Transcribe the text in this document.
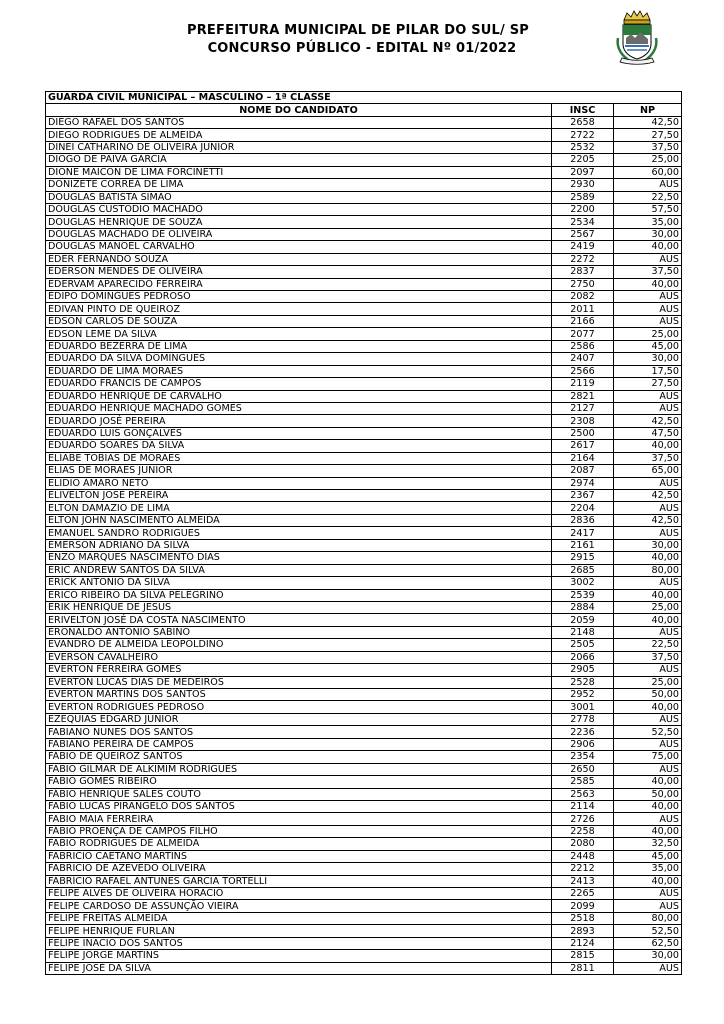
PREFEITURA MUNICIPAL DE PILAR DO SUL/ SP
CONCURSO PÚBLICO - EDITAL Nº 01/2022
GUARDA CIVIL MUNICIPAL – MASCULINO – 1ª CLASSE		
NOME DO CANDIDATO	INSC	NP
DIEGO RAFAEL DOS SANTOS	2658	42,50
DIEGO RODRIGUES DE ALMEIDA	2722	27,50
DINEI CATHARINO DE OLIVEIRA JUNIOR	2532	37,50
DIOGO DE PAIVA GARCIA	2205	25,00
DIONE MAICON DE LIMA FORCINETTI	2097	60,00
DONIZETE CORREA DE LIMA	2930	AUS
DOUGLAS BATISTA SIMÃO	2589	22,50
DOUGLAS CUSTODIO MACHADO	2200	57,50
DOUGLAS HENRIQUE DE SOUZA	2534	35,00
DOUGLAS MACHADO DE OLIVEIRA	2567	30,00
DOUGLAS MANOEL CARVALHO	2419	40,00
ÉDER FERNANDO SOUZA	2272	AUS
EDERSON MENDES DE OLIVEIRA	2837	37,50
EDERVAM APARECIDO FERREIRA	2750	40,00
ÉDIPO DOMINGUES PEDROSO	2082	AUS
EDIVAN PINTO DE QUEIROZ	2011	AUS
EDSON CARLOS DE SOUZA	2166	AUS
EDSON LEME DA SILVA	2077	25,00
EDUARDO BEZERRA DE LIMA	2586	45,00
EDUARDO DA SILVA DOMINGUES	2407	30,00
EDUARDO DE LIMA MORAES	2566	17,50
EDUARDO FRANCIS DE CAMPOS	2119	27,50
EDUARDO HENRIQUE DE CARVALHO	2821	AUS
EDUARDO HENRIQUE MACHADO GOMES	2127	AUS
EDUARDO JOSÉ PEREIRA	2308	42,50
EDUARDO LUIS GONÇALVES	2500	47,50
EDUARDO SOARES DA SILVA	2617	40,00
ELIABE TOBIAS DE MORAES	2164	37,50
ELIAS DE MORAES JUNIOR	2087	65,00
ELIDIO AMARO NETO	2974	AUS
ELIVELTON JOSÉ PEREIRA	2367	42,50
ELTON DAMAZIO DE LIMA	2204	AUS
ELTON JOHN NASCIMENTO ALMEIDA	2836	42,50
EMANUEL SANDRO RODRIGUES	2417	AUS
EMERSON ADRIANO DA SILVA	2161	30,00
ENZO MARQUES NASCIMENTO DIAS	2915	40,00
ERIC ANDREW SANTOS DA SILVA	2685	80,00
ERICK ANTÔNIO DA SILVA	3002	AUS
ERICO RIBEIRO DA SILVA PELEGRINO	2539	40,00
ERIK HENRIQUE DE JESUS	2884	25,00
ERIVELTON JOSÉ DA COSTA NASCIMENTO	2059	40,00
ERONALDO ANTONIO SABINO	2148	AUS
EVANDRO DE ALMEIDA LEOPOLDINO	2505	22,50
EVERSON CAVALHEIRO	2066	37,50
EVERTON FERREIRA GOMES	2905	AUS
EVERTON LUCAS DIAS DE MEDEIROS	2528	25,00
EVERTON MARTINS DOS SANTOS	2952	50,00
EVERTON RODRIGUES PEDROSO	3001	40,00
EZEQUIAS EDGARD JUNIOR	2778	AUS
FABIANO NUNES DOS SANTOS	2236	52,50
FABIANO PEREIRA DE CAMPOS	2906	AUS
FÁBIO DE QUEIROZ SANTOS	2354	75,00
FABIO GILMAR DE ALKIMIM RODRIGUES	2650	AUS
FABIO GOMES RIBEIRO	2585	40,00
FÁBIO HENRIQUE SALES COUTO	2563	50,00
FABIO LUCAS PIRANGELO DOS SANTOS	2114	40,00
FABIO MAIA FERREIRA	2726	AUS
FÁBIO PROENÇA DE CAMPOS FILHO	2258	40,00
FABIO RODRIGUES DE ALMEIDA	2080	32,50
FABRICIO CAETANO MARTINS	2448	45,00
FABRICIO DE AZEVEDO OLIVEIRA	2212	35,00
FABRÍCIO RAFAEL ANTUNES GARCIA TORTELLI	2413	40,00
FELIPE ALVES DE OLIVEIRA HORÁCIO	2265	AUS
FELIPE CARDOSO DE ASSUNÇÃO VIEIRA	2099	AUS
FELIPE FREITAS ALMEIDA	2518	80,00
FELIPE HENRIQUE FURLAN	2893	52,50
FELIPE INACIO DOS SANTOS	2124	62,50
FELIPE JORGE MARTINS	2815	30,00
FELIPE JOSÉ DA SILVA	2811	AUS
